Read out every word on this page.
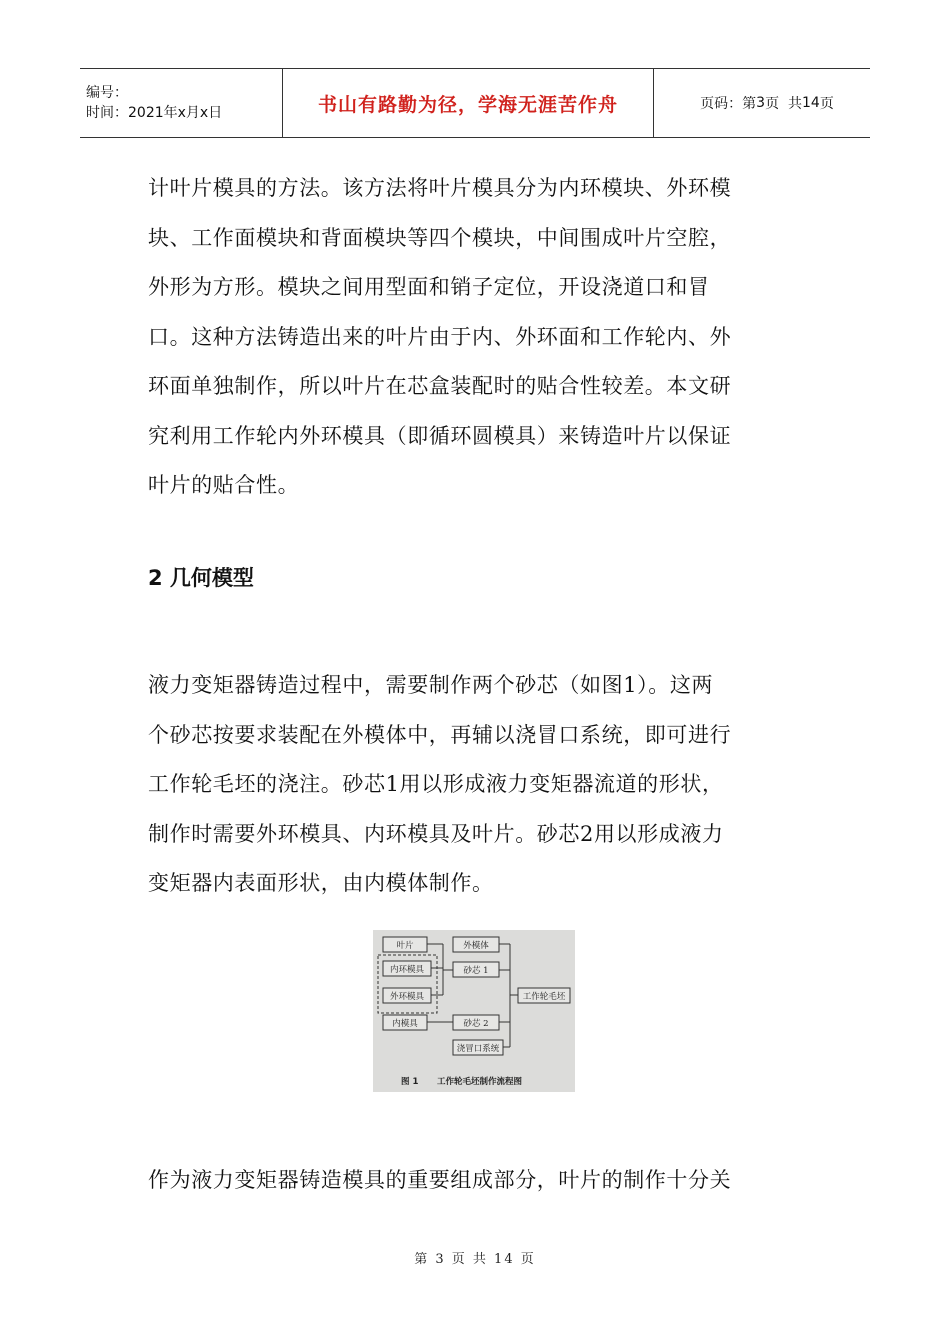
编号：
时间：2021年x月x日	书山有路勤为径，学海无涯苦作舟	页码：第 3 页  共 14 页

计叶片模具的方法。该方法将叶片模具分为内环模块、外环模
块、工作面模块和背面模块等四个模块，中间围成叶片空腔，
外形为方形。模块之间用型面和销子定位，开设浇道口和冒
口。这种方法铸造出来的叶片由于内、外环面和工作轮内、外
环面单独制作，所以叶片在芯盒装配时的贴合性较差。本文研
究利用工作轮内外环模具（即循环圆模具）来铸造叶片以保证
叶片的贴合性。

2 几何模型

液力变矩器铸造过程中，需要制作两个砂芯（如图1）。这两
个砂芯按要求装配在外模体中，再辅以浇冒口系统，即可进行
工作轮毛坯的浇注。砂芯1用以形成液力变矩器流道的形状，
制作时需要外环模具、内环模具及叶片。砂芯2用以形成液力
变矩器内表面形状，由内模体制作。

叶片
内环模具
外环模具
内模具
外模体
砂芯 1
砂芯 2
浇冒口系统
工作轮毛坯
图 1 工作轮毛坯制作流程图

作为液力变矩器铸造模具的重要组成部分，叶片的制作十分关

第 3 页 共 14 页
